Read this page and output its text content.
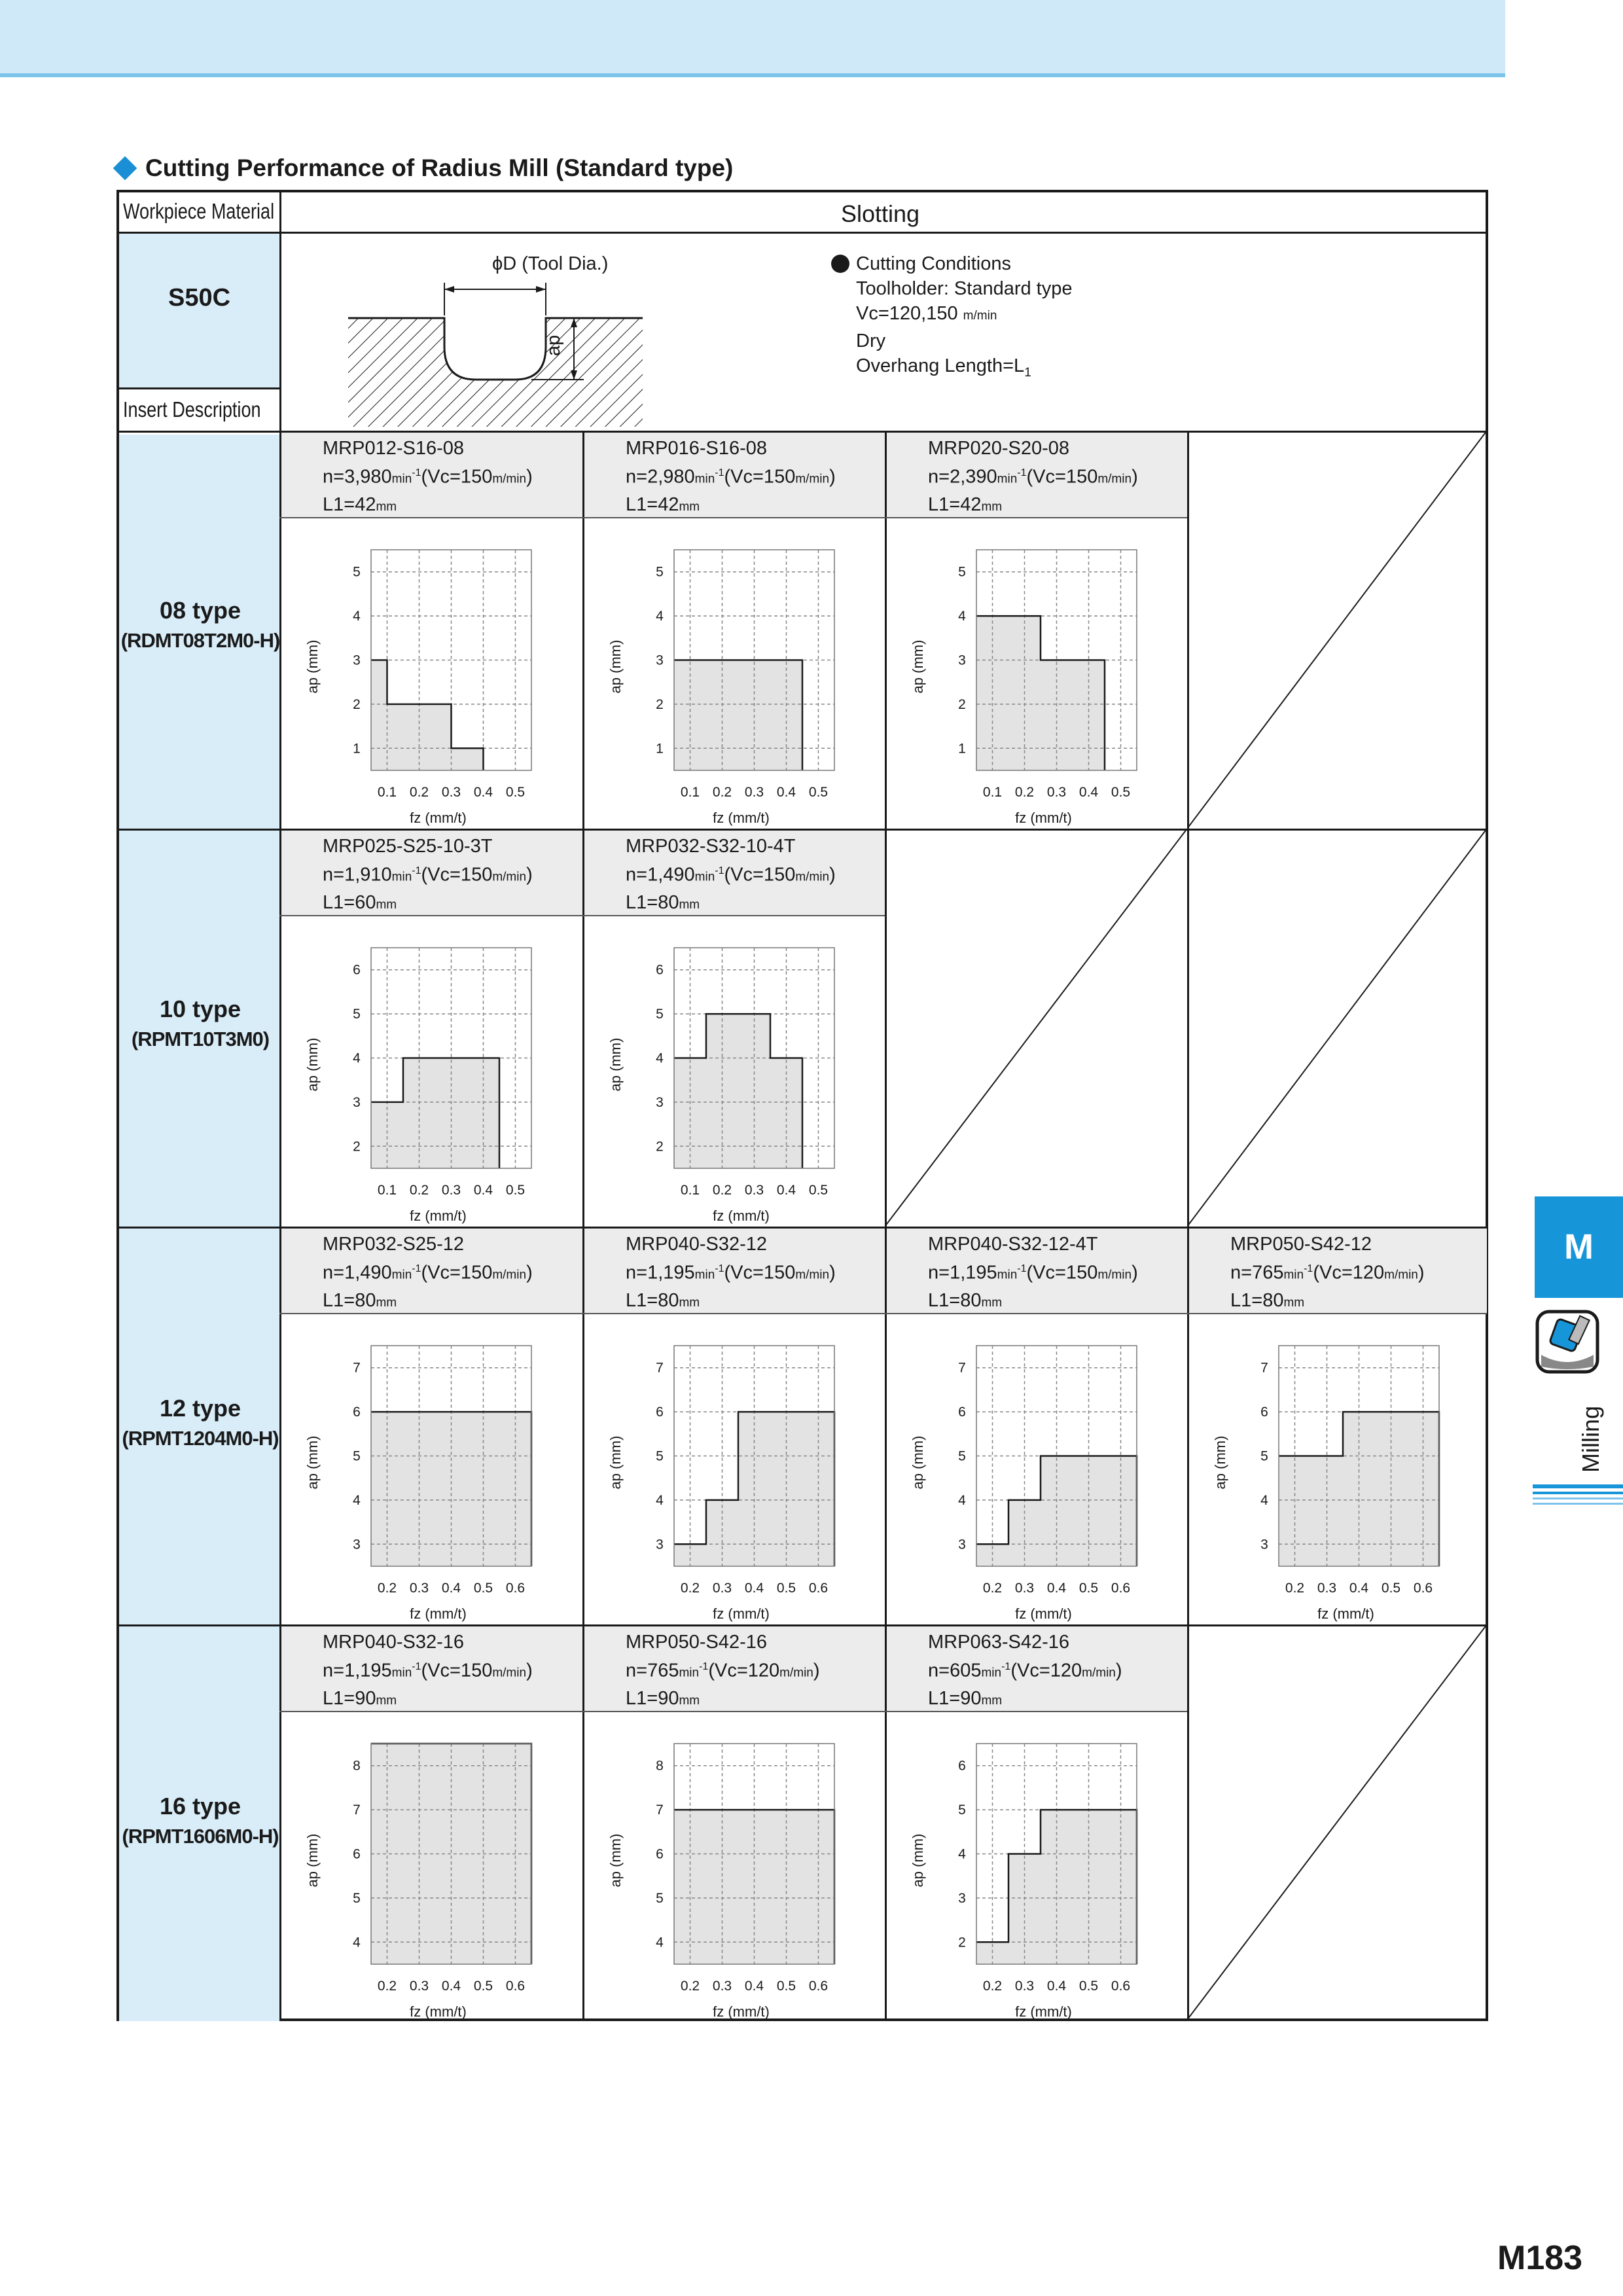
Cutting Performance of Radius Mill (Standard type)
Workpiece Material	Slotting
S50C
Insert Description
ϕD (Tool Dia.)
ap
Cutting Conditions
Toolholder: Standard type
Vc=120,150 m/min
Dry
Overhang $Length=L_1$
08 type
(RDMT08T2M0-H)
10 type
(RPMT10T3M0)
12 type
(RPMT1204M0-H)
16 type
(RPMT1606M0-H)
MRP012-S16-08
$n=3,980\min^{-1}(Vc=150m/\min)$
L1=42mm
0.1 0.2 0.3 0.4 0.5
1
2
3
4
5
fz (mm/t)
ap (mm)
MRP016-S16-08
$n=2,980\min^{-1}(Vc=150m/\min)$
L1=42mm
0.1 0.2 0.3 0.4 0.5
1
2
3
4
5
fz (mm/t)
ap (mm)
MRP020-S20-08
$n=2,390\min^{-1}(Vc=150m/\min)$
L1=42mm
0.1 0.2 0.3 0.4 0.5
1
2
3
4
5
fz (mm/t)
ap (mm)
MRP025-S25-10-3T
$n=1,910\min^{-1}(Vc=150m/\min)$
L1=60mm
0.1 0.2 0.3 0.4 0.5
2
3
4
5
6
fz (mm/t)
ap (mm)
MRP032-S32-10-4T
$n=1,490\min^{-1}(Vc=150m/\min)$
L1=80mm
0.1 0.2 0.3 0.4 0.5
2
3
4
5
6
fz (mm/t)
ap (mm)
MRP032-S25-12
$n=1,490\min^{-1}(Vc=150m/\min)$
L1=80mm
0.2 0.3 0.4 0.5 0.6
3
4
5
6
7
fz (mm/t)
ap (mm)
MRP040-S32-12
$n=1,195\min^{-1}(Vc=150m/\min)$
L1=80mm
0.2 0.3 0.4 0.5 0.6
3
4
5
6
7
fz (mm/t)
ap (mm)
MRP040-S32-12-4T
$n=1,195\min^{-1}(Vc=150m/\min)$
L1=80mm
0.2 0.3 0.4 0.5 0.6
3
4
5
6
7
fz (mm/t)
ap (mm)
MRP050-S42-12
$n=765\min^{-1}(Vc=120m/\min)$
L1=80mm
0.2 0.3 0.4 0.5 0.6
3
4
5
6
7
fz (mm/t)
ap (mm)
MRP040-S32-16
$n=1,195\min^{-1}(Vc=150m/\min)$
L1=90mm
0.2 0.3 0.4 0.5 0.6
4
5
6
7
8
fz (mm/t)
ap (mm)
MRP050-S42-16
$n=765\min^{-1}(Vc=120m/\min)$
L1=90mm
0.2 0.3 0.4 0.5 0.6
4
5
6
7
8
fz (mm/t)
ap (mm)
MRP063-S42-16
$n=605\min^{-1}(Vc=120m/\min)$
L1=90mm
0.2 0.3 0.4 0.5 0.6
2
3
4
5
6
fz (mm/t)
ap (mm)
M
Milling
M183
